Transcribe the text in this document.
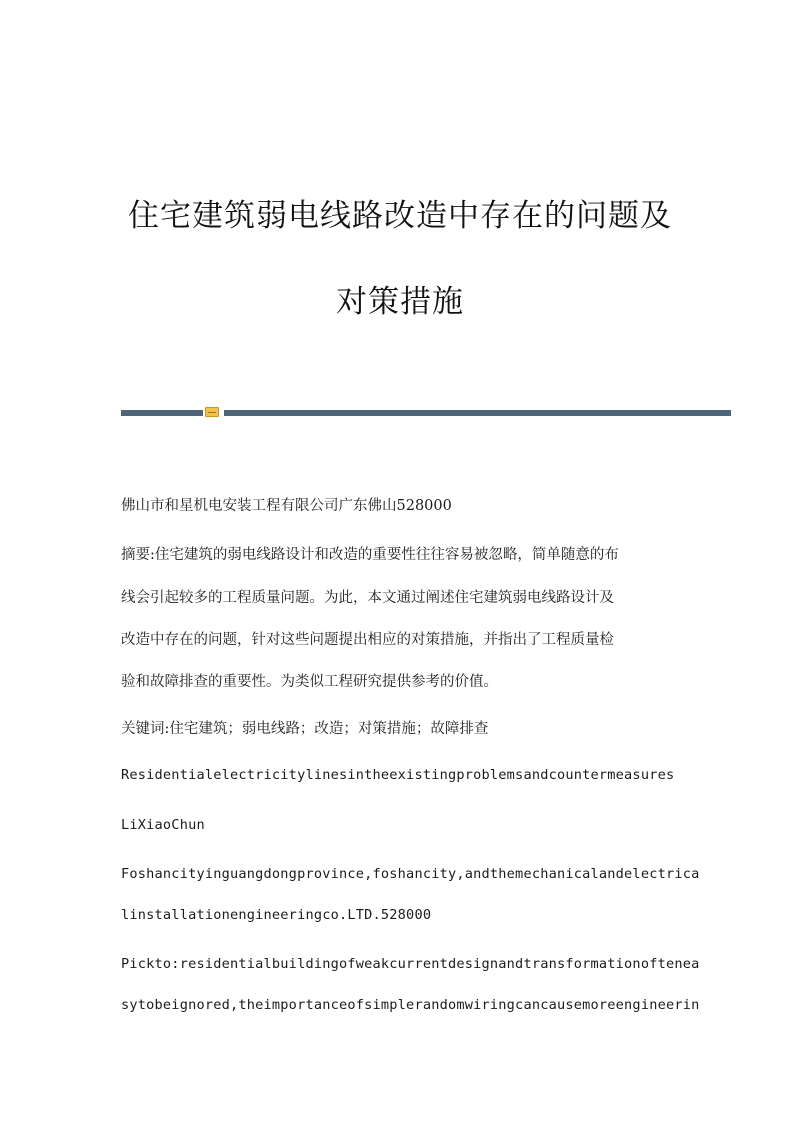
住宅建筑弱电线路改造中存在的问题及
对策措施
佛山市和星机电安装工程有限公司广东佛山528000
摘要:住宅建筑的弱电线路设计和改造的重要性往往容易被忽略，简单随意的布
线会引起较多的工程质量问题。为此，本文通过阐述住宅建筑弱电线路设计及
改造中存在的问题，针对这些问题提出相应的对策措施，并指出了工程质量检
验和故障排查的重要性。为类似工程研究提供参考的价值。
关键词:住宅建筑；弱电线路；改造；对策措施；故障排查
Residentialelectricitylinesintheexistingproblemsandcountermeasures
LiXiaoChun
Foshancityinguangdongprovince,foshancity,andthemechanicalandelectrica
linstallationengineeringco.LTD.528000
Pickto:residentialbuildingofweakcurrentdesignandtransformationoftenea
sytobeignored,theimportanceofsimplerandomwiringcancausemoreengineerin
